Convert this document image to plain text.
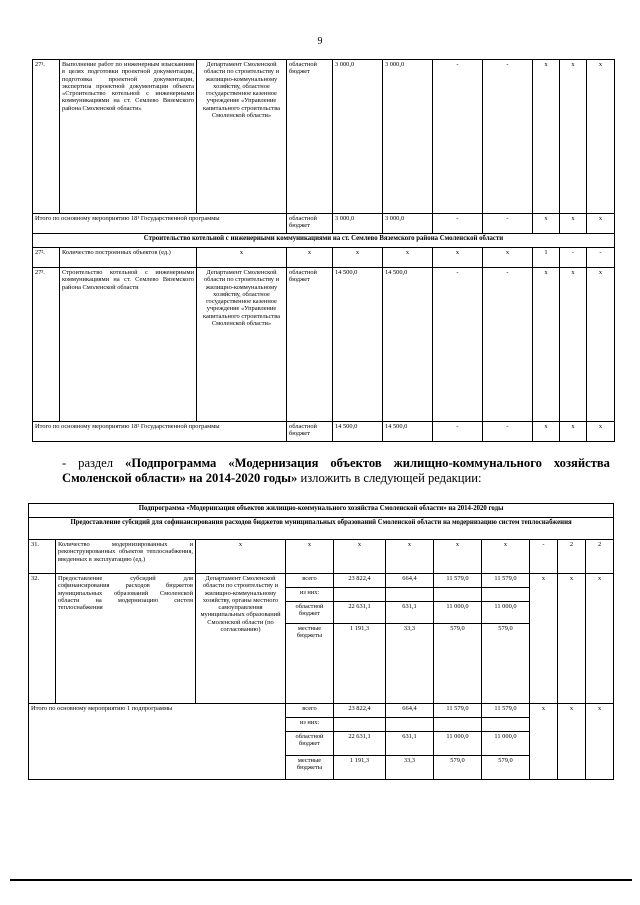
9
27¹.	Выполнение работ по инженерным изысканиям в целях подготовки проектной документации, подготовка проектной документации, экспертиза проектной документации объекта «Строительство котельной с инженерными коммуникациями на ст. Семлево Вяземского района Смоленской области»	Департамент Смоленской области по строительству и жилищно-коммунальному хозяйству, областное государственное казенное учреждение «Управление капитального строительства Смоленской области»	областной бюджет	3 000,0	3 000,0	-	-	х	х	х
Итого по основному мероприятию 18¹ Государственной программы			областной бюджет	3 000,0	3 000,0	-	-	х	х	х
Строительство котельной с инженерными коммуникациями на ст. Семлево Вяземского района Смоленской области										
27².	Количество построенных объектов (ед.)	х	х	х	х	х	х	1	-	-
27³.	Строительство котельной с инженерными коммуникациями на ст. Семлево Вяземского района Смоленской области	Департамент Смоленской области по строительству и жилищно-коммунальному хозяйству, областное государственное казенное учреждение «Управление капитального строительства Смоленской области»	областной бюджет	14 500,0	14 500,0	-	-	х	х	х
Итого по основному мероприятию 18² Государственной программы			областной бюджет	14 500,0	14 500,0	-	-	х	х	х
- раздел «Подпрограмма «Модернизация объектов жилищно-коммунального хозяйства Смоленской области» на 2014-2020 годы» изложить в следующей редакции:
Подпрограмма «Модернизация объектов жилищно-коммунального хозяйства Смоленской области» на 2014-2020 годы										
Предоставление субсидий для софинансирования расходов бюджетов муниципальных образований Смоленской области на модернизацию систем теплоснабжения										
31.	Количество модернизированных и реконструированных объектов теплоснабжения, введенных в эксплуатацию (ед.)	х	х	х	х	х	х	-	2	2
32.	Предоставление субсидий для софинансирования расходов бюджетов муниципальных образований Смоленской области на модернизацию систем теплоснабжения	Департамент Смоленской области по строительству и жилищно-коммунальному хозяйству, органы местного самоуправления муниципальных образований Смоленской области (по согласованию)	всего	23 822,4	664,4	11 579,0	11 579,0	х	х	х
			из них:							
			областной бюджет	22 631,1	631,1	11 000,0	11 000,0			
			местные бюджеты	1 191,3	33,3	579,0	579,0			
Итого по основному мероприятию 1 подпрограммы			всего	23 822,4	664,4	11 579,0	11 579,0	х	х	х
			из них:							
			областной бюджет	22 631,1	631,1	11 000,0	11 000,0			
			местные бюджеты	1 191,3	33,3	579,0	579,0			
